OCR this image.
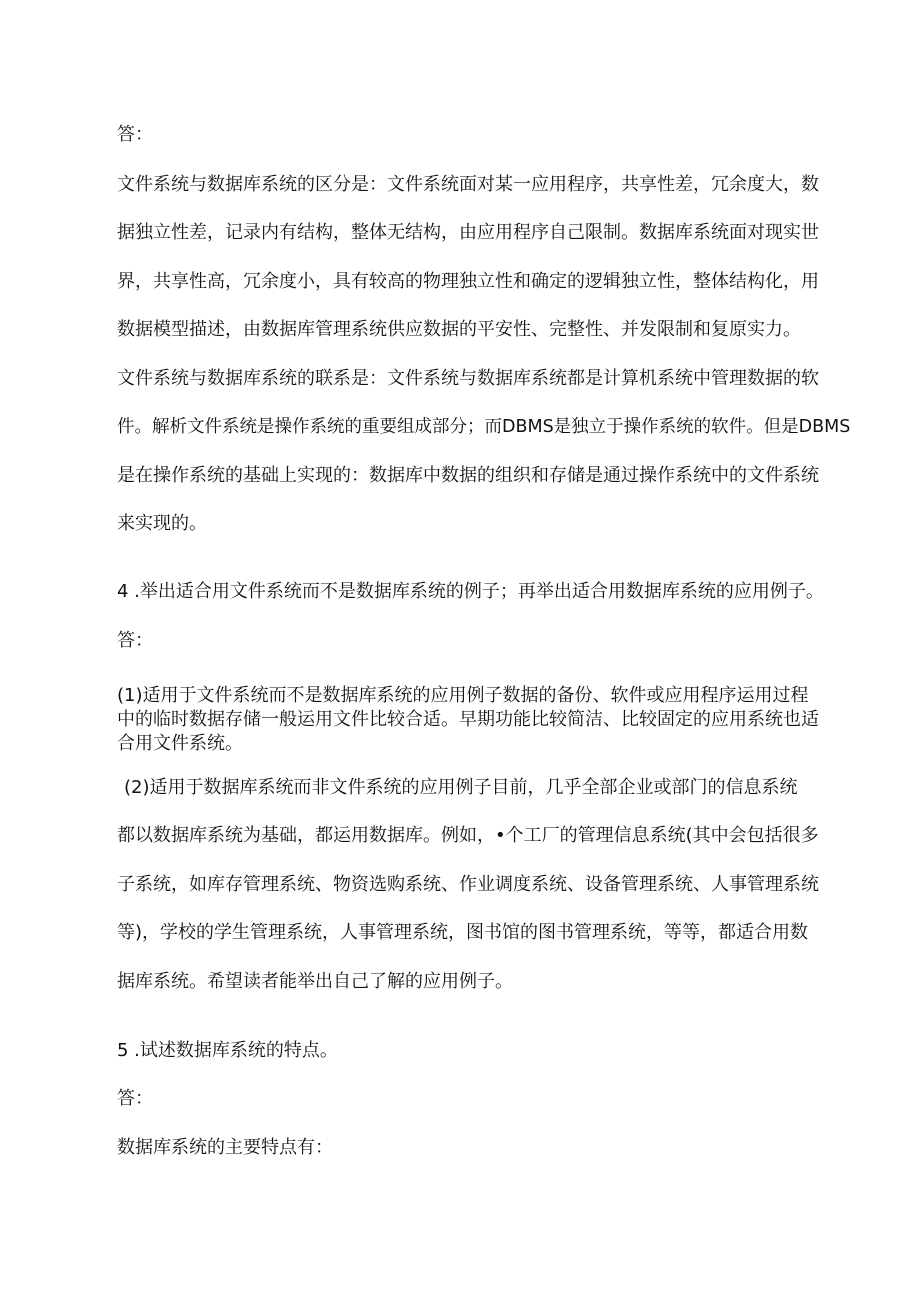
答：

文件系统与数据库系统的区分是：文件系统面对某一应用程序，共享性差，冗余度大，数

据独立性差，记录内有结构，整体无结构，由应用程序自己限制。数据库系统面对现实世

界，共享性高，冗余度小，具有较高的物理独立性和确定的逻辑独立性，整体结构化，用

数据模型描述，由数据库管理系统供应数据的平安性、完整性、并发限制和复原实力。

文件系统与数据库系统的联系是：文件系统与数据库系统都是计算机系统中管理数据的软

件。解析文件系统是操作系统的重要组成部分；而DBMS是独立于操作系统的软件。但是DBMS

是在操作系统的基础上实现的：数据库中数据的组织和存储是通过操作系统中的文件系统

来实现的。

4 .举出适合用文件系统而不是数据库系统的例子；再举出适合用数据库系统的应用例子。

答：

(1)适用于文件系统而不是数据库系统的应用例子数据的备份、软件或应用程序运用过程

中的临时数据存储一般运用文件比较合适。早期功能比较简洁、比较固定的应用系统也适

合用文件系统。

(2)适用于数据库系统而非文件系统的应用例子目前，几乎全部企业或部门的信息系统

都以数据库系统为基础，都运用数据库。例如，•个工厂的管理信息系统(其中会包括很多

子系统，如库存管理系统、物资选购系统、作业调度系统、设备管理系统、人事管理系统

等)，学校的学生管理系统，人事管理系统，图书馆的图书管理系统，等等，都适合用数

据库系统。希望读者能举出自己了解的应用例子。

5 .试述数据库系统的特点。

答：

数据库系统的主要特点有：
